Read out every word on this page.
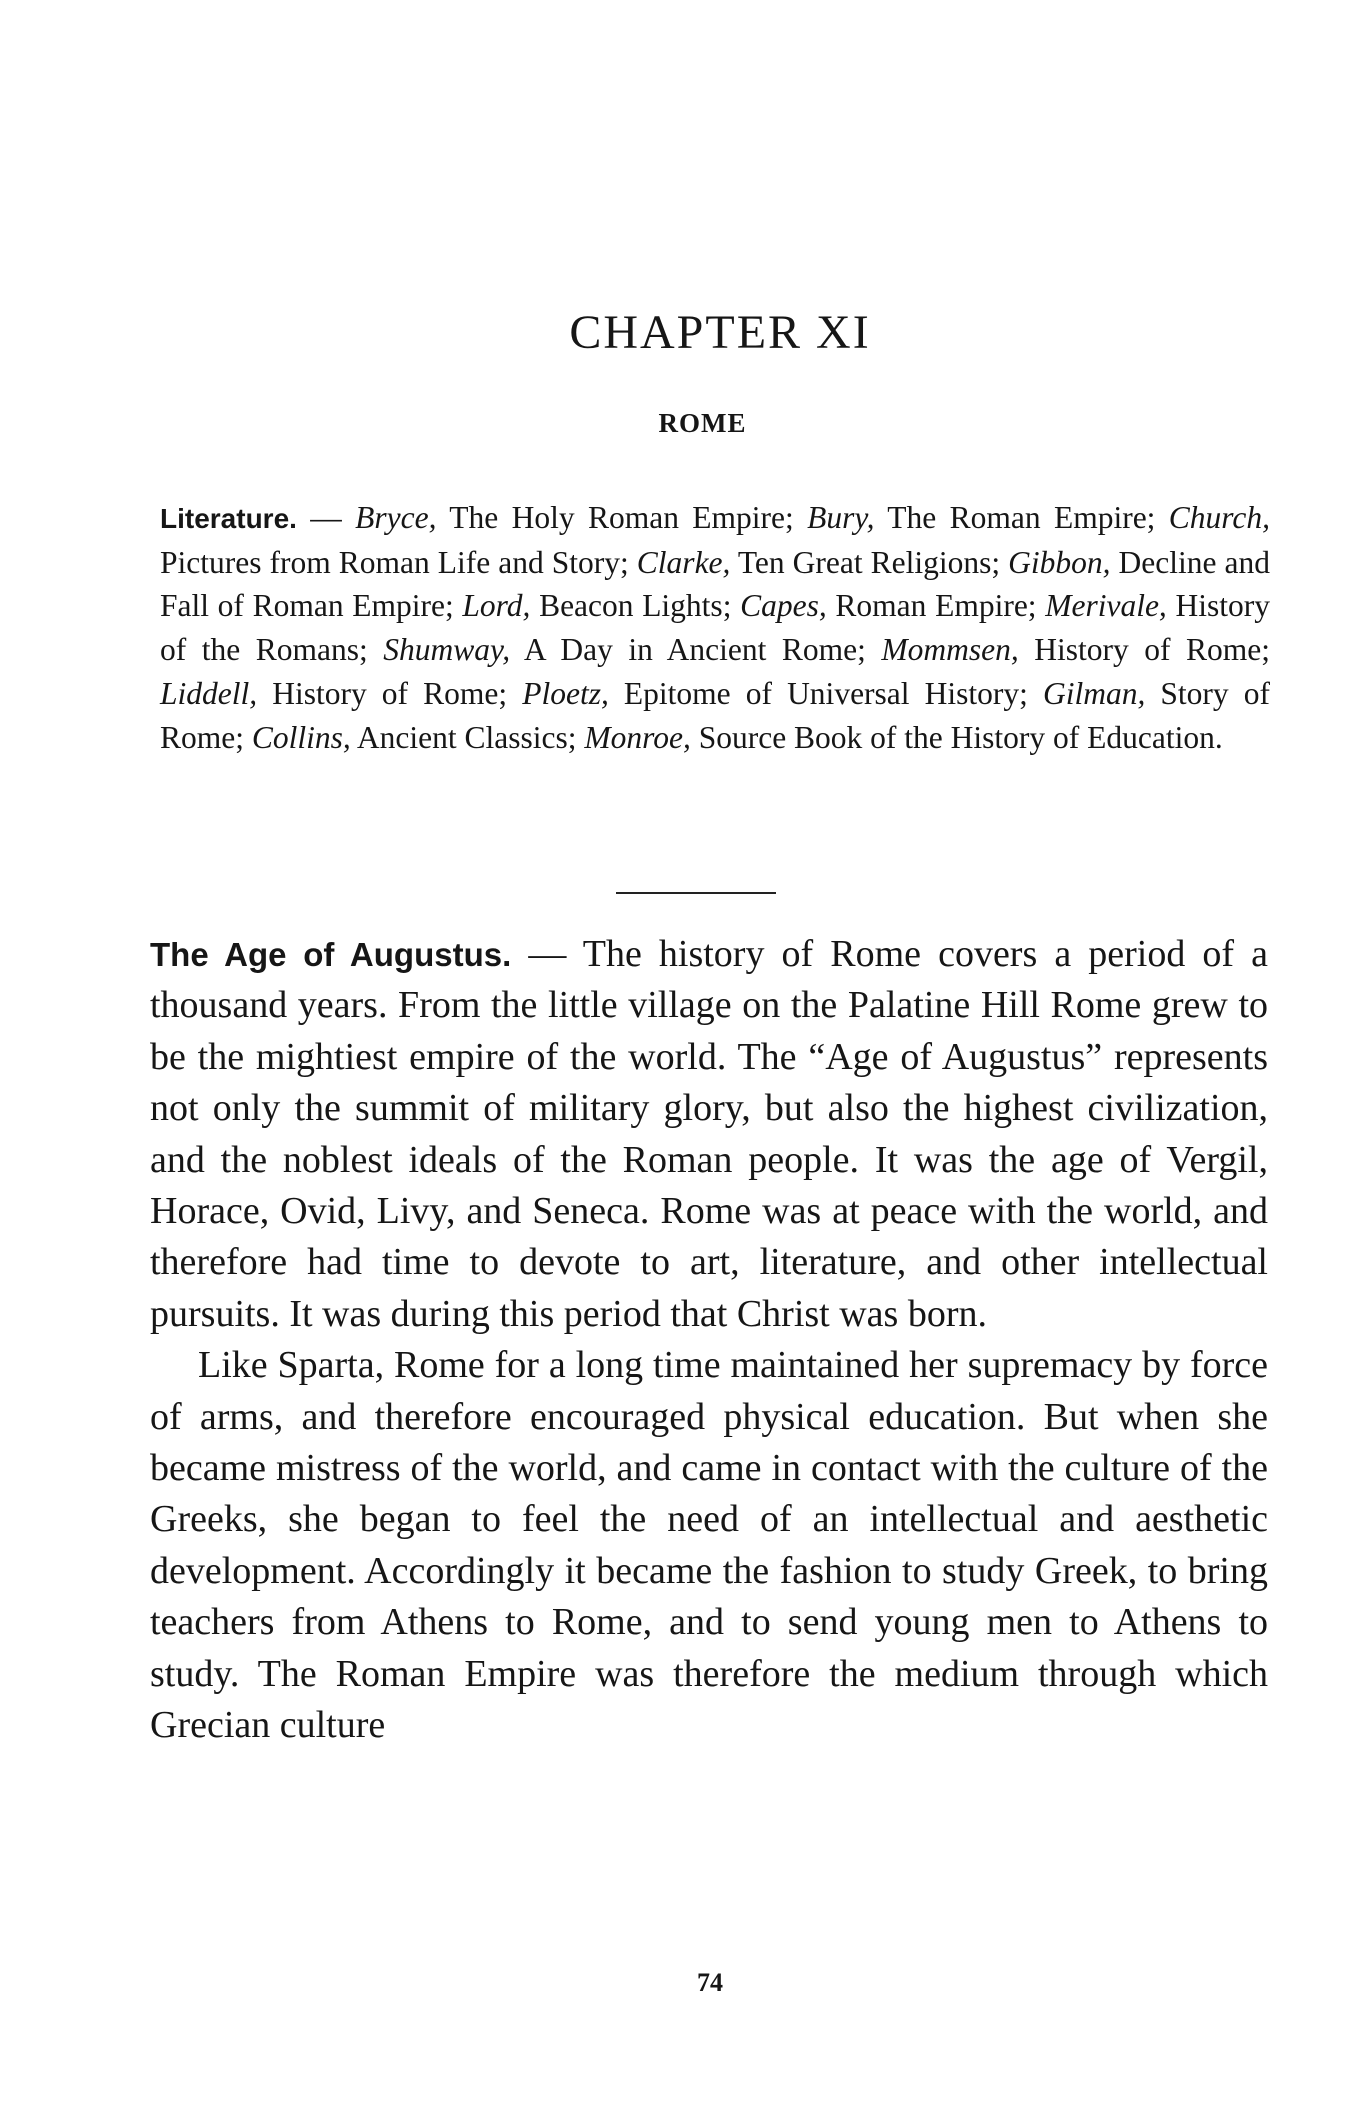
CHAPTER XI
ROME

Literature. — Bryce, The Holy Roman Empire; Bury, The Roman Empire; Church, Pictures from Roman Life and Story; Clarke, Ten Great Religions; Gibbon, Decline and Fall of Roman Empire; Lord, Beacon Lights; Capes, Roman Empire; Merivale, History of the Romans; Shumway, A Day in Ancient Rome; Mommsen, History of Rome; Liddell, History of Rome; Ploetz, Epitome of Universal History; Gilman, Story of Rome; Collins, Ancient Classics; Monroe, Source Book of the History of Education.

The Age of Augustus. — The history of Rome covers a period of a thousand years. From the little village on the Palatine Hill Rome grew to be the mightiest empire of the world. The “Age of Augustus” represents not only the summit of military glory, but also the highest civilization, and the noblest ideals of the Roman people. It was the age of Vergil, Horace, Ovid, Livy, and Seneca. Rome was at peace with the world, and therefore had time to devote to art, literature, and other intellectual pursuits. It was during this period that Christ was born.

Like Sparta, Rome for a long time maintained her supremacy by force of arms, and therefore encouraged physical education. But when she became mistress of the world, and came in contact with the culture of the Greeks, she began to feel the need of an intellectual and aesthetic development. Accordingly it became the fashion to study Greek, to bring teachers from Athens to Rome, and to send young men to Athens to study. The Roman Empire was therefore the medium through which Grecian culture

74
